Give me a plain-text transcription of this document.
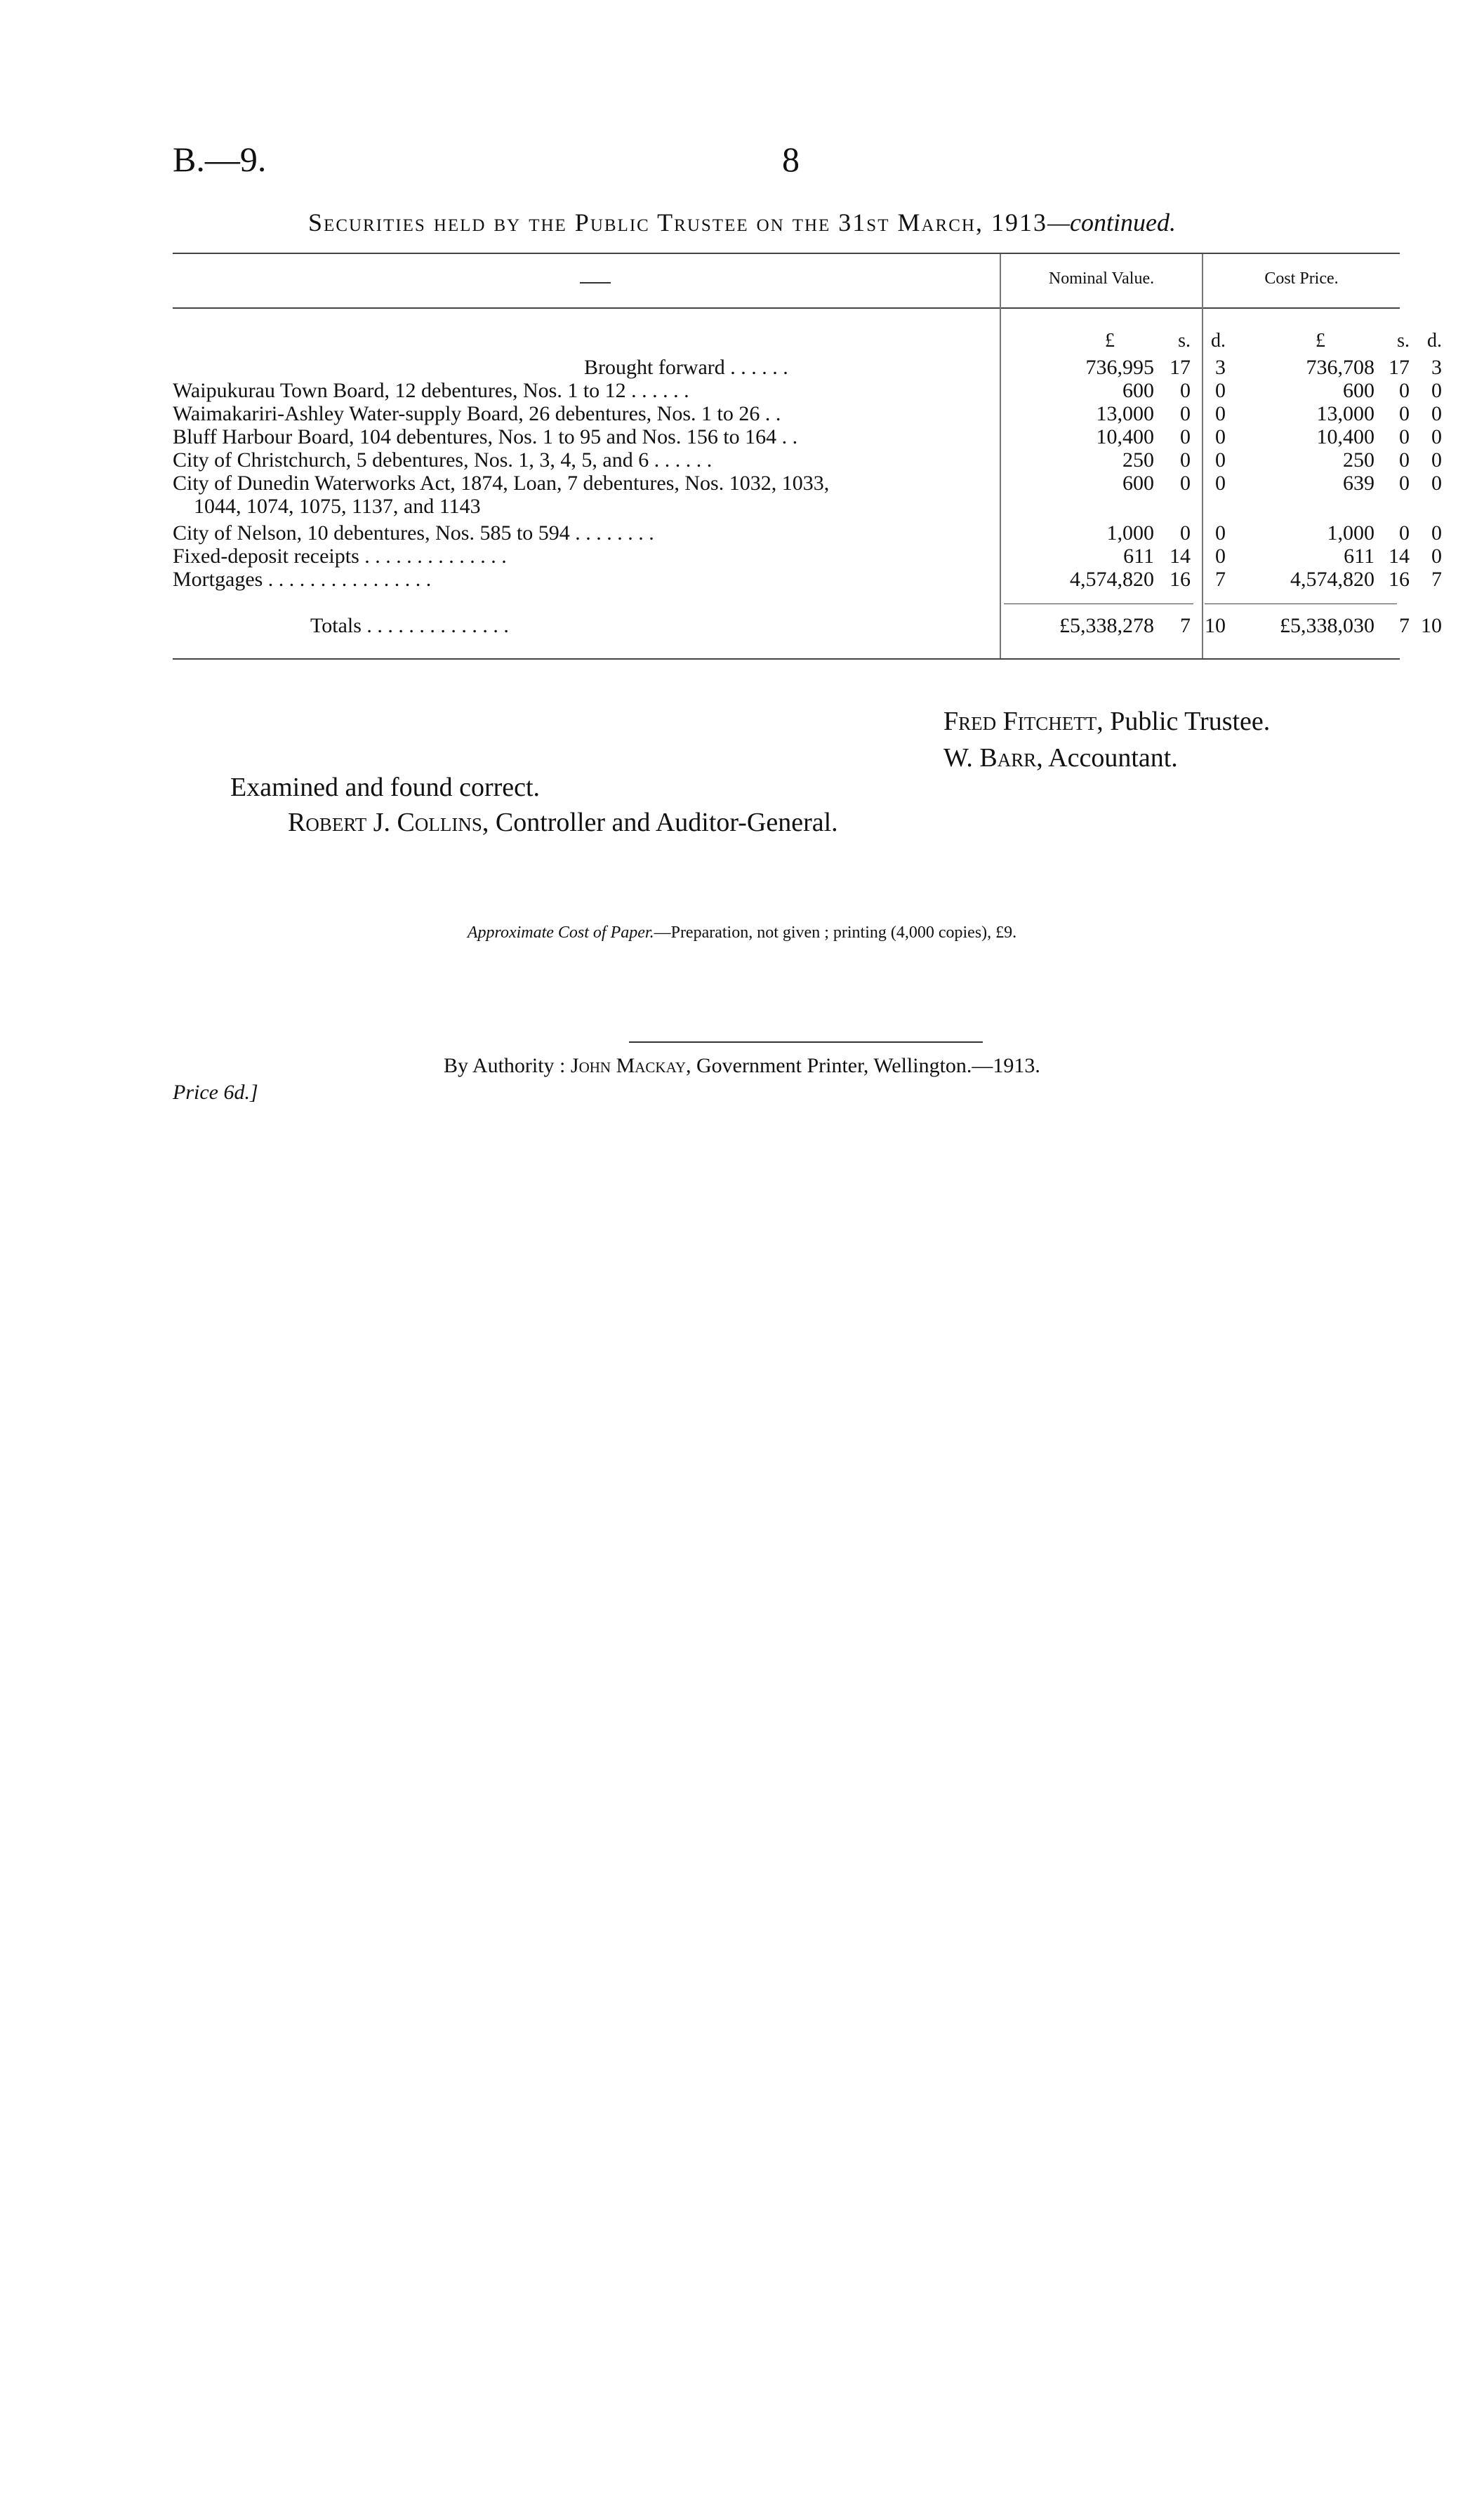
B.—9.	8
Securities held by the Public Trustee on the 31st March, 1913—continued.
Nominal Value.	Cost Price.
£	s.	d.	£	s. d.
Brought forward . . . . . .	736,995 17	3	736,708 17	3
Waipukurau Town Board, 12 debentures, Nos. 1 to 12 . . . . . .	600	0	0	600	0	0
Waimakariri-Ashley Water-supply Board, 26 debentures, Nos. 1 to 26 . .	13,000	0	0	13,000	0	0
Bluff Harbour Board, 104 debentures, Nos. 1 to 95 and Nos. 156 to 164 . .	10,400	0	0	10,400	0	0
City of Christchurch, 5 debentures, Nos. 1, 3, 4, 5, and 6 . . . . . .	250	0	0	250	0	0
City of Dunedin Waterworks Act, 1874, Loan, 7 debentures, Nos. 1032, 1033,	600	0	0	639	0	0
1044, 1074, 1075, 1137, and 1143
City of Nelson, 10 debentures, Nos. 585 to 594 . . . . . . . .	1,000	0	0	1,000	0	0
Fixed-deposit receipts . . . . . . . . . . . . . .	611 14	0	611 14	0
Mortgages . . . . . . . . . . . . . . . .	4,574,820 16	7	4,574,820 16	7
Totals . . . . . . . . . . . . . .	£5,338,278	7 10	£5,338,030	7 10
Fred Fitchett, Public Trustee.
W. Barr, Accountant.
Examined and found correct.
Robert J. Collins, Controller and Auditor-General.
Approximate Cost of Paper.—Preparation, not given ; printing (4,000 copies), £9.
By Authority : John Mackay, Government Printer, Wellington.—1913.
Price 6d.]
